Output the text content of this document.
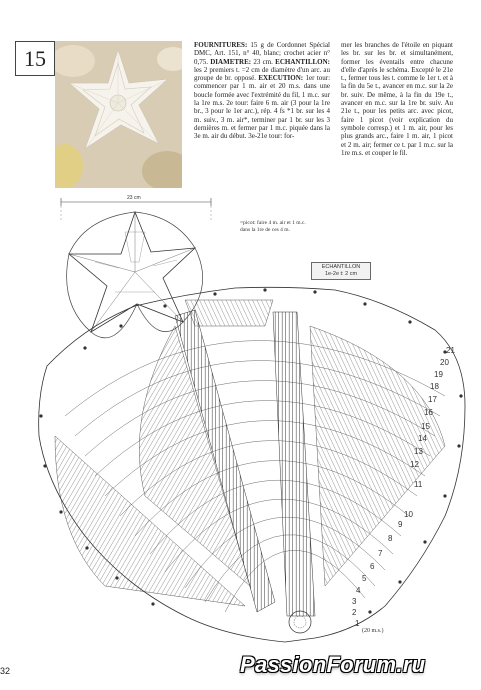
15

FOURNITURES: 15 g de Cordonnet Spécial DMC, Art. 151, n° 40, blanc; crochet acier n° 0,75. DIAMETRE: 23 cm. ECHANTILLON: les 2 premiers t. =2 cm de diamètre d'un arc. au groupe de br. opposé. EXECUTION: 1er tour: commencer par 1 m. air et 20 m.s. dans une boucle formée avec l'extrémité du fil, 1 m.c. sur la 1re m.s. 2e tour: faire 6 m. air (3 pour la 1re br., 3 pour le 1er arc.), rép. 4 fs *1 br. sur les 4 m. suiv., 3 m. air*, terminer par 1 br. sur les 3 dernières m. et fermer par 1 m.c. piquée dans la 3e m. air du début. 3e-21e tour: for-

mer les branches de l'étoile en piquant les br. sur les br. et simultanément, former les éventails entre chacune d'elle d'après le schéma. Excepté le 21e t., fermer tous les t. comme le 1er t. et à la fin du 5e t., avancer en m.c. sur la 2e br. suiv. De même, à la fin du 19e t., avancer en m.c. sur la 1re br. suiv. Au 21e t., pour les petits arc. avec picot, faire 1 picot (voir explication du symbole corresp.) et 1 m. air, pour les plus grands arc., faire 1 m. air, 1 picot et 2 m. air; fermer ce t. par 1 m.c. sur la 1re m.s. et couper le fil.

23 cm
=picot: faire 4 m. air et 1 m.c.
dans la 1re de ces 4 m.
ECHANTILLON
1e-2e t: 2 cm
21
20
19
18
17
16
15
14
13
12
11
10
9
8
7
6
5
4
3
2
1
(20 m.s.)
32	PassionForum.ru
